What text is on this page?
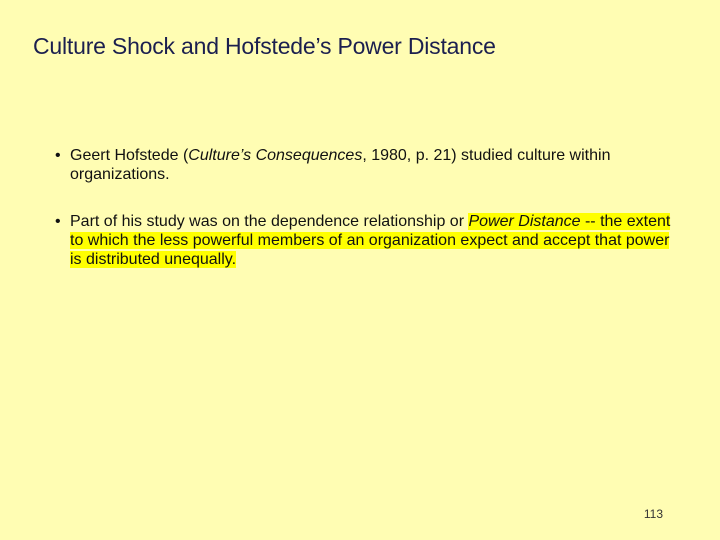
Culture Shock and Hofstede’s Power Distance
• Geert Hofstede (Culture’s Consequences, 1980, p. 21) studied culture within organizations.
• Part of his study was on the dependence relationship or Power Distance -- the extent to which the less powerful members of an organization expect and accept that power is distributed unequally.
113
